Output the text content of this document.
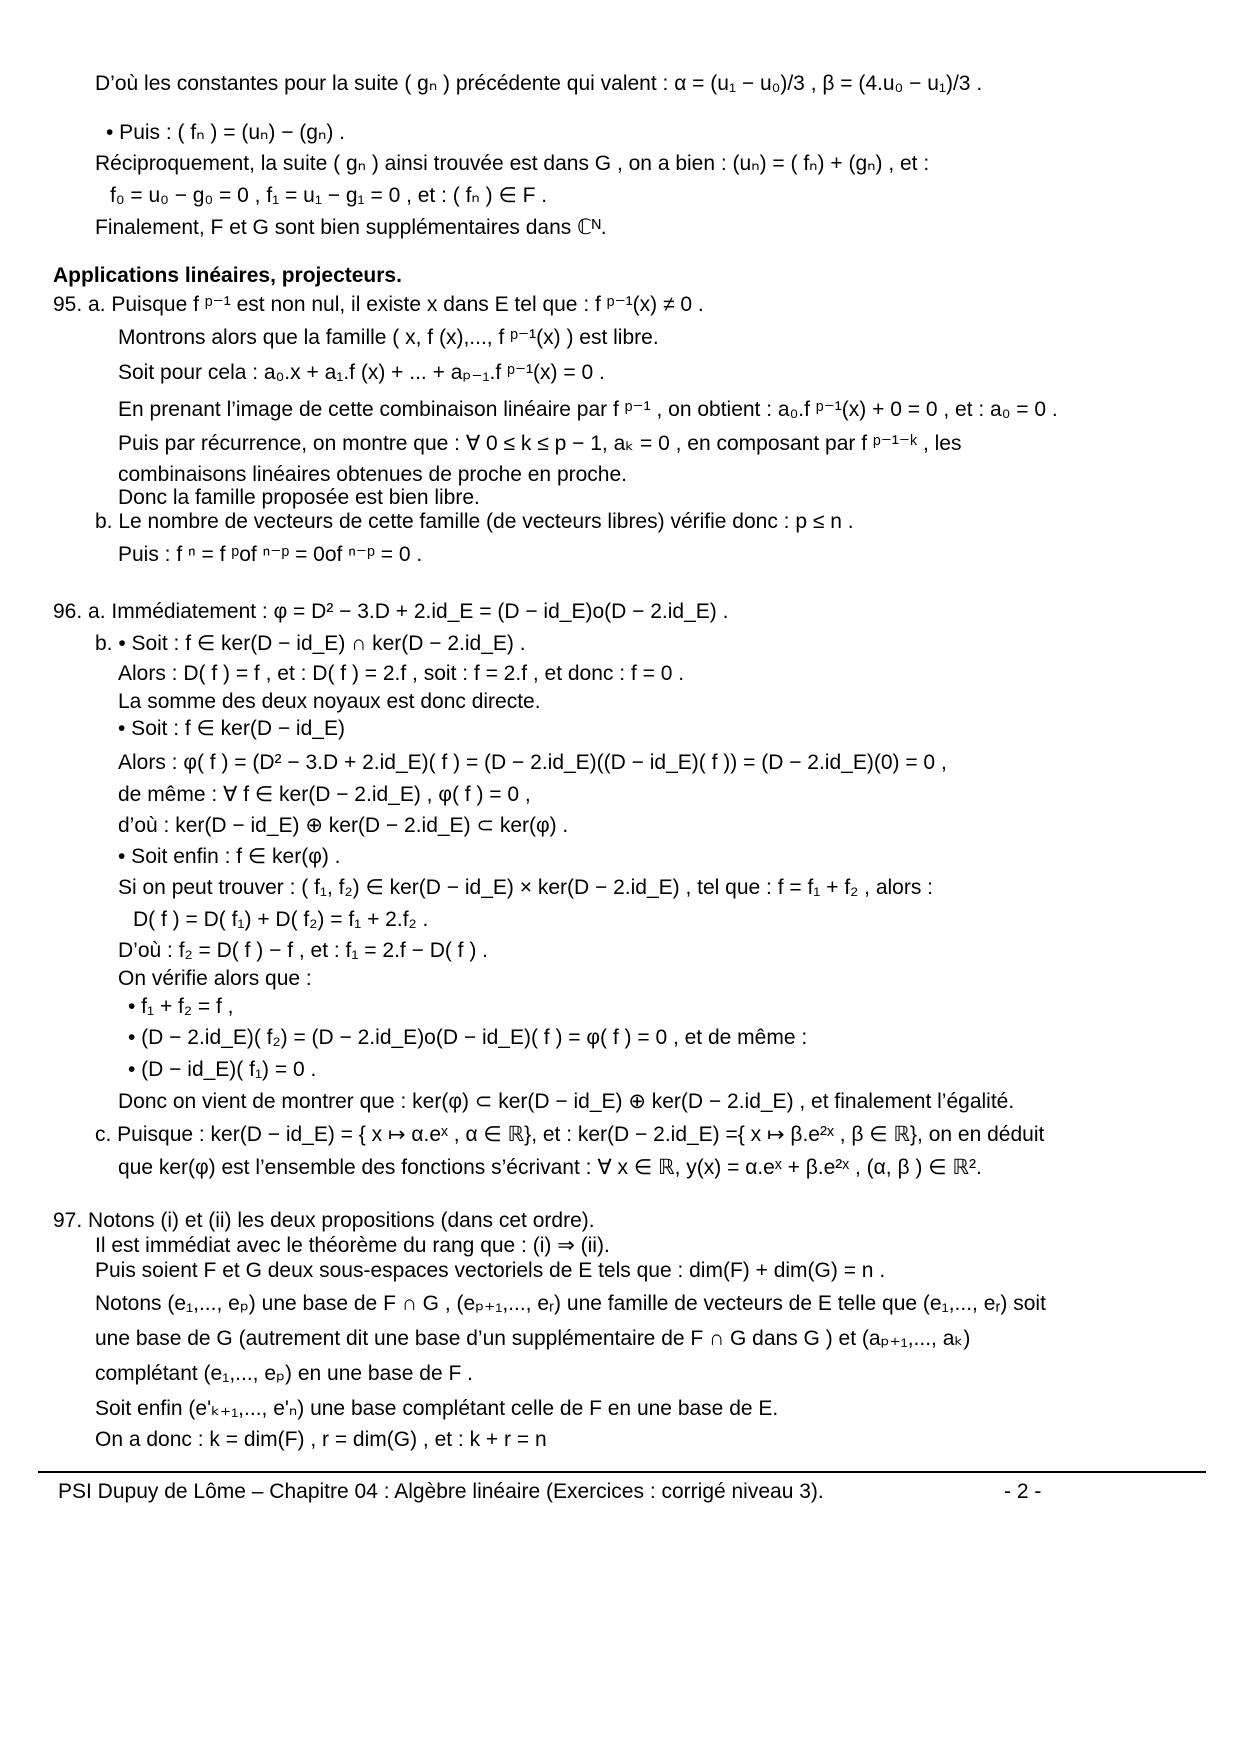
D’où les constantes pour la suite ( gₙ ) précédente qui valent : α = (u₁ − u₀)/3 , β = (4.u₀ − u₁)/3 .
• Puis : ( fₙ ) = (uₙ) − (gₙ) .
Réciproquement, la suite ( gₙ ) ainsi trouvée est dans G , on a bien : (uₙ) = ( fₙ) + (gₙ) , et :
f₀ = u₀ − g₀ = 0 , f₁ = u₁ − g₁ = 0 , et : ( fₙ ) ∈ F .
Finalement, F et G sont bien supplémentaires dans ℂᴺ.
Applications linéaires, projecteurs.
95. a. Puisque f ᵖ⁻¹ est non nul, il existe x dans E tel que : f ᵖ⁻¹(x) ≠ 0 .
Montrons alors que la famille ( x, f (x),..., f ᵖ⁻¹(x) ) est libre.
Soit pour cela : a₀.x + a₁.f (x) + ... + aₚ₋₁.f ᵖ⁻¹(x) = 0 .
En prenant l’image de cette combinaison linéaire par f ᵖ⁻¹ , on obtient : a₀.f ᵖ⁻¹(x) + 0 = 0 , et : a₀ = 0 .
Puis par récurrence, on montre que : ∀ 0 ≤ k ≤ p − 1, aₖ = 0 , en composant par f ᵖ⁻¹⁻ᵏ , les
combinaisons linéaires obtenues de proche en proche.
Donc la famille proposée est bien libre.
b. Le nombre de vecteurs de cette famille (de vecteurs libres) vérifie donc : p ≤ n .
Puis : f ⁿ = f ᵖof ⁿ⁻ᵖ = 0of ⁿ⁻ᵖ = 0 .
96. a. Immédiatement : φ = D² − 3.D + 2.id_E = (D − id_E)o(D − 2.id_E) .
b. • Soit : f ∈ ker(D − id_E) ∩ ker(D − 2.id_E) .
Alors : D( f ) = f , et : D( f ) = 2.f , soit : f = 2.f , et donc : f = 0 .
La somme des deux noyaux est donc directe.
• Soit : f ∈ ker(D − id_E)
Alors : φ( f ) = (D² − 3.D + 2.id_E)( f ) = (D − 2.id_E)((D − id_E)( f )) = (D − 2.id_E)(0) = 0 ,
de même : ∀ f ∈ ker(D − 2.id_E) , φ( f ) = 0 ,
d’où : ker(D − id_E) ⊕ ker(D − 2.id_E) ⊂ ker(φ) .
• Soit enfin : f ∈ ker(φ) .
Si on peut trouver : ( f₁, f₂) ∈ ker(D − id_E) × ker(D − 2.id_E) , tel que : f = f₁ + f₂ , alors :
D( f ) = D( f₁) + D( f₂) = f₁ + 2.f₂ .
D’où : f₂ = D( f ) − f , et : f₁ = 2.f − D( f ) .
On vérifie alors que :
• f₁ + f₂ = f ,
• (D − 2.id_E)( f₂) = (D − 2.id_E)o(D − id_E)( f ) = φ( f ) = 0 , et de même :
• (D − id_E)( f₁) = 0 .
Donc on vient de montrer que : ker(φ) ⊂ ker(D − id_E) ⊕ ker(D − 2.id_E) , et finalement l’égalité.
c. Puisque : ker(D − id_E) = { x ↦ α.eˣ , α ∈ ℝ}, et : ker(D − 2.id_E) ={ x ↦ β.e²ˣ , β ∈ ℝ}, on en déduit
que ker(φ) est l’ensemble des fonctions s’écrivant : ∀ x ∈ ℝ, y(x) = α.eˣ + β.e²ˣ , (α, β ) ∈ ℝ².
97. Notons (i) et (ii) les deux propositions (dans cet ordre).
Il est immédiat avec le théorème du rang que : (i) ⇒ (ii).
Puis soient F et G deux sous-espaces vectoriels de E tels que : dim(F) + dim(G) = n .
Notons (e₁,..., eₚ) une base de F ∩ G , (eₚ₊₁,..., eᵣ) une famille de vecteurs de E telle que (e₁,..., eᵣ) soit
une base de G (autrement dit une base d’un supplémentaire de F ∩ G dans G ) et (aₚ₊₁,..., aₖ)
complétant (e₁,..., eₚ) en une base de F .
Soit enfin (e'ₖ₊₁,..., e'ₙ) une base complétant celle de F en une base de E.
On a donc : k = dim(F) , r = dim(G) , et : k + r = n
PSI Dupuy de Lôme – Chapitre 04 : Algèbre linéaire (Exercices : corrigé niveau 3).	- 2 -
